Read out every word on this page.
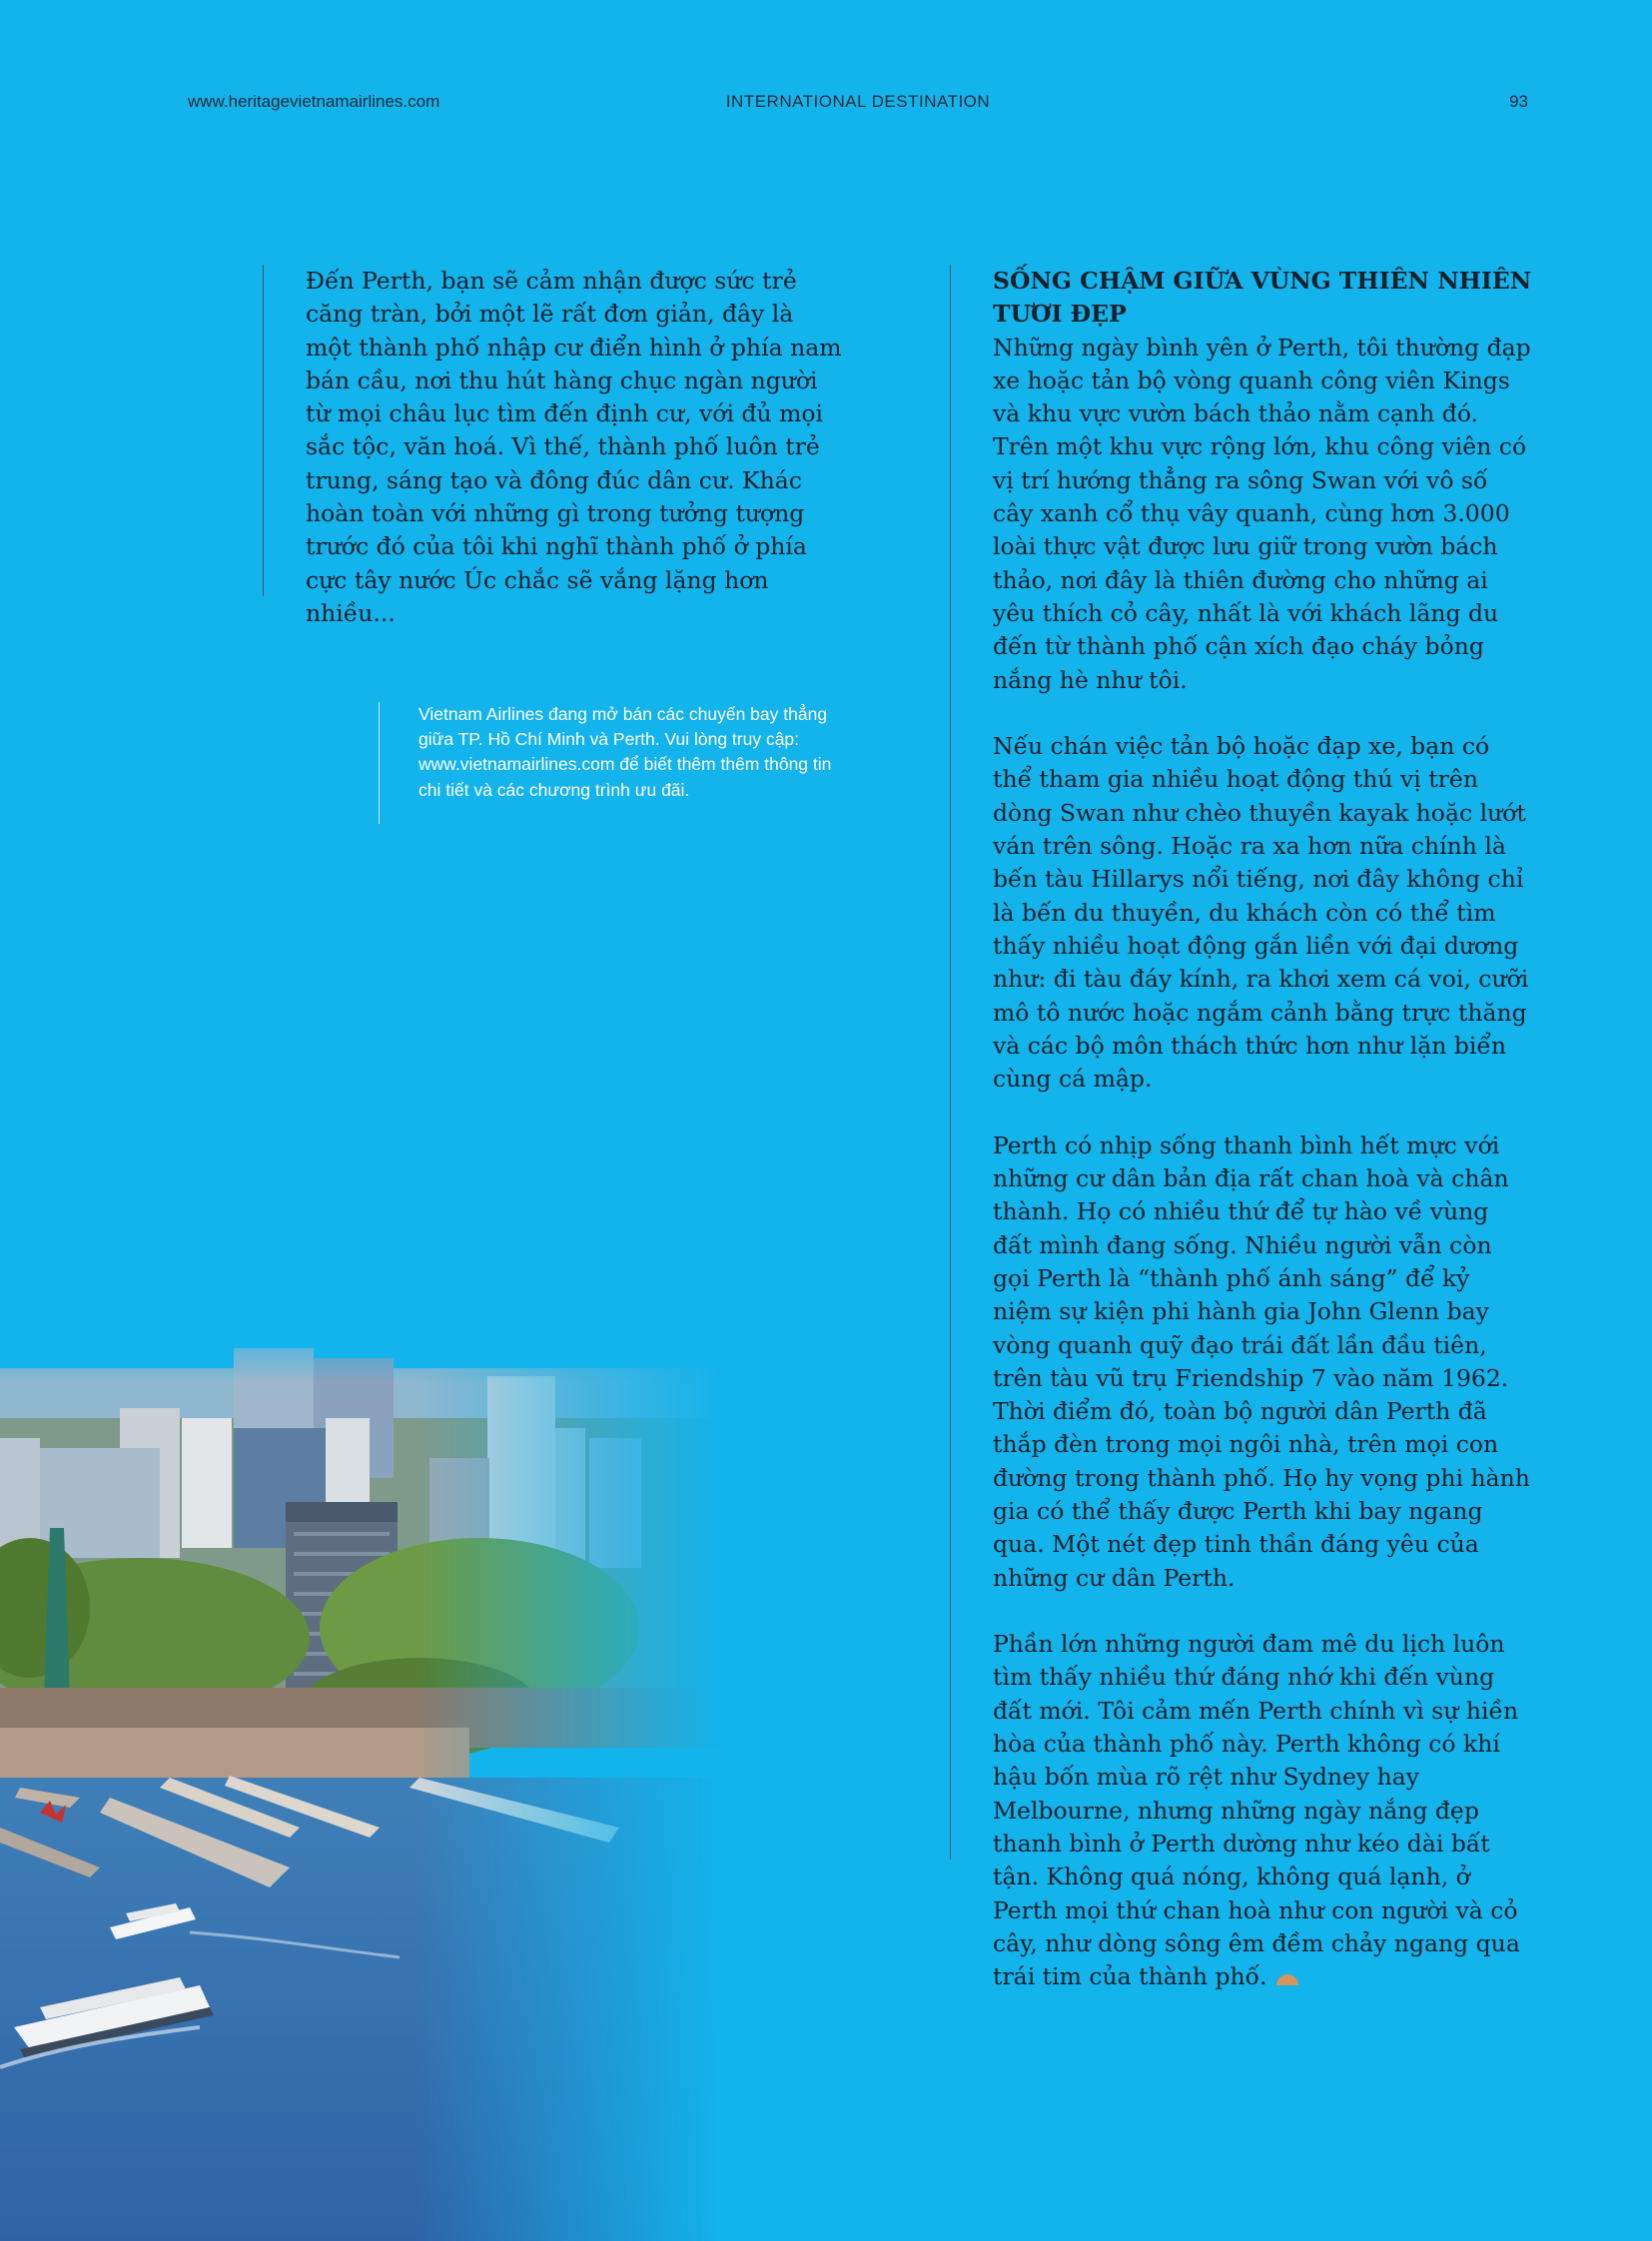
www.heritagevietnamairlines.com	INTERNATIONAL DESTINATION	93

Đến Perth, bạn sẽ cảm nhận được sức trẻ căng tràn, bởi một lẽ rất đơn giản, đây là một thành phố nhập cư điển hình ở phía nam bán cầu, nơi thu hút hàng chục ngàn người từ mọi châu lục tìm đến định cư, với đủ mọi sắc tộc, văn hoá. Vì thế, thành phố luôn trẻ trung, sáng tạo và đông đúc dân cư. Khác hoàn toàn với những gì trong tưởng tượng trước đó của tôi khi nghĩ thành phố ở phía cực tây nước Úc chắc sẽ vắng lặng hơn nhiều...

Vietnam Airlines đang mở bán các chuyến bay thẳng giữa TP. Hồ Chí Minh và Perth. Vui lòng truy cập: www.vietnamairlines.com để biết thêm thêm thông tin chi tiết và các chương trình ưu đãi.

SỐNG CHẬM GIỮA VÙNG THIÊN NHIÊN TƯƠI ĐẸP

Những ngày bình yên ở Perth, tôi thường đạp xe hoặc tản bộ vòng quanh công viên Kings và khu vực vườn bách thảo nằm cạnh đó. Trên một khu vực rộng lớn, khu công viên có vị trí hướng thẳng ra sông Swan với vô số cây xanh cổ thụ vây quanh, cùng hơn 3.000 loài thực vật được lưu giữ trong vườn bách thảo, nơi đây là thiên đường cho những ai yêu thích cỏ cây, nhất là với khách lãng du đến từ thành phố cận xích đạo cháy bỏng nắng hè như tôi.

Nếu chán việc tản bộ hoặc đạp xe, bạn có thể tham gia nhiều hoạt động thú vị trên dòng Swan như chèo thuyền kayak hoặc lướt ván trên sông. Hoặc ra xa hơn nữa chính là bến tàu Hillarys nổi tiếng, nơi đây không chỉ là bến du thuyền, du khách còn có thể tìm thấy nhiều hoạt động gắn liền với đại dương như: đi tàu đáy kính, ra khơi xem cá voi, cưỡi mô tô nước hoặc ngắm cảnh bằng trực thăng và các bộ môn thách thức hơn như lặn biển cùng cá mập.

Perth có nhịp sống thanh bình hết mực với những cư dân bản địa rất chan hoà và chân thành. Họ có nhiều thứ để tự hào về vùng đất mình đang sống. Nhiều người vẫn còn gọi Perth là “thành phố ánh sáng” để kỷ niệm sự kiện phi hành gia John Glenn bay vòng quanh quỹ đạo trái đất lần đầu tiên, trên tàu vũ trụ Friendship 7 vào năm 1962. Thời điểm đó, toàn bộ người dân Perth đã thắp đèn trong mọi ngôi nhà, trên mọi con đường trong thành phố. Họ hy vọng phi hành gia có thể thấy được Perth khi bay ngang qua. Một nét đẹp tinh thần đáng yêu của những cư dân Perth.

Phần lớn những người đam mê du lịch luôn tìm thấy nhiều thứ đáng nhớ khi đến vùng đất mới. Tôi cảm mến Perth chính vì sự hiền hòa của thành phố này. Perth không có khí hậu bốn mùa rõ rệt như Sydney hay Melbourne, nhưng những ngày nắng đẹp thanh bình ở Perth dường như kéo dài bất tận. Không quá nóng, không quá lạnh, ở Perth mọi thứ chan hoà như con người và cỏ cây, như dòng sông êm đềm chảy ngang qua trái tim của thành phố.
